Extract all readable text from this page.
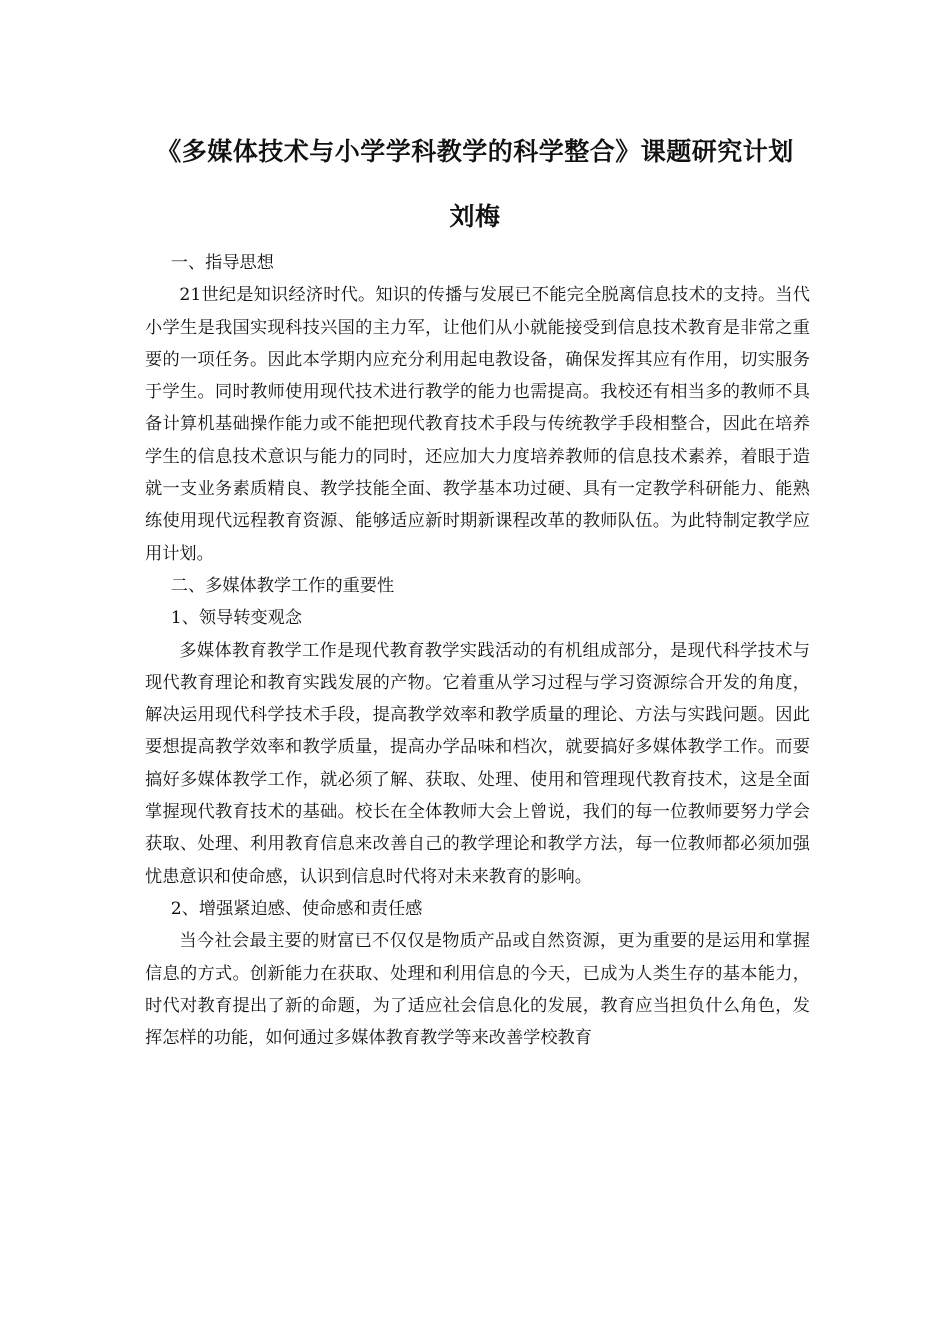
《多媒体技术与小学学科教学的科学整合》课题研究计划
刘梅

一、指导思想

21世纪是知识经济时代。知识的传播与发展已不能完全脱离信息技术的支持。当代小学生是我国实现科技兴国的主力军，让他们从小就能接受到信息技术教育是非常之重要的一项任务。因此本学期内应充分利用起电教设备，确保发挥其应有作用，切实服务于学生。同时教师使用现代技术进行教学的能力也需提高。我校还有相当多的教师不具备计算机基础操作能力或不能把现代教育技术手段与传统教学手段相整合，因此在培养学生的信息技术意识与能力的同时，还应加大力度培养教师的信息技术素养，着眼于造就一支业务素质精良、教学技能全面、教学基本功过硬、具有一定教学科研能力、能熟练使用现代远程教育资源、能够适应新时期新课程改革的教师队伍。为此特制定教学应用计划。

二、多媒体教学工作的重要性

1、领导转变观念

多媒体教育教学工作是现代教育教学实践活动的有机组成部分，是现代科学技术与现代教育理论和教育实践发展的产物。它着重从学习过程与学习资源综合开发的角度，解决运用现代科学技术手段，提高教学效率和教学质量的理论、方法与实践问题。因此要想提高教学效率和教学质量，提高办学品味和档次，就要搞好多媒体教学工作。而要搞好多媒体教学工作，就必须了解、获取、处理、使用和管理现代教育技术，这是全面掌握现代教育技术的基础。校长在全体教师大会上曾说，我们的每一位教师要努力学会获取、处理、利用教育信息来改善自己的教学理论和教学方法，每一位教师都必须加强忧患意识和使命感，认识到信息时代将对未来教育的影响。

2、增强紧迫感、使命感和责任感

当今社会最主要的财富已不仅仅是物质产品或自然资源，更为重要的是运用和掌握信息的方式。创新能力在获取、处理和利用信息的今天，已成为人类生存的基本能力，时代对教育提出了新的命题，为了适应社会信息化的发展，教育应当担负什么角色，发挥怎样的功能，如何通过多媒体教育教学等来改善学校教育
